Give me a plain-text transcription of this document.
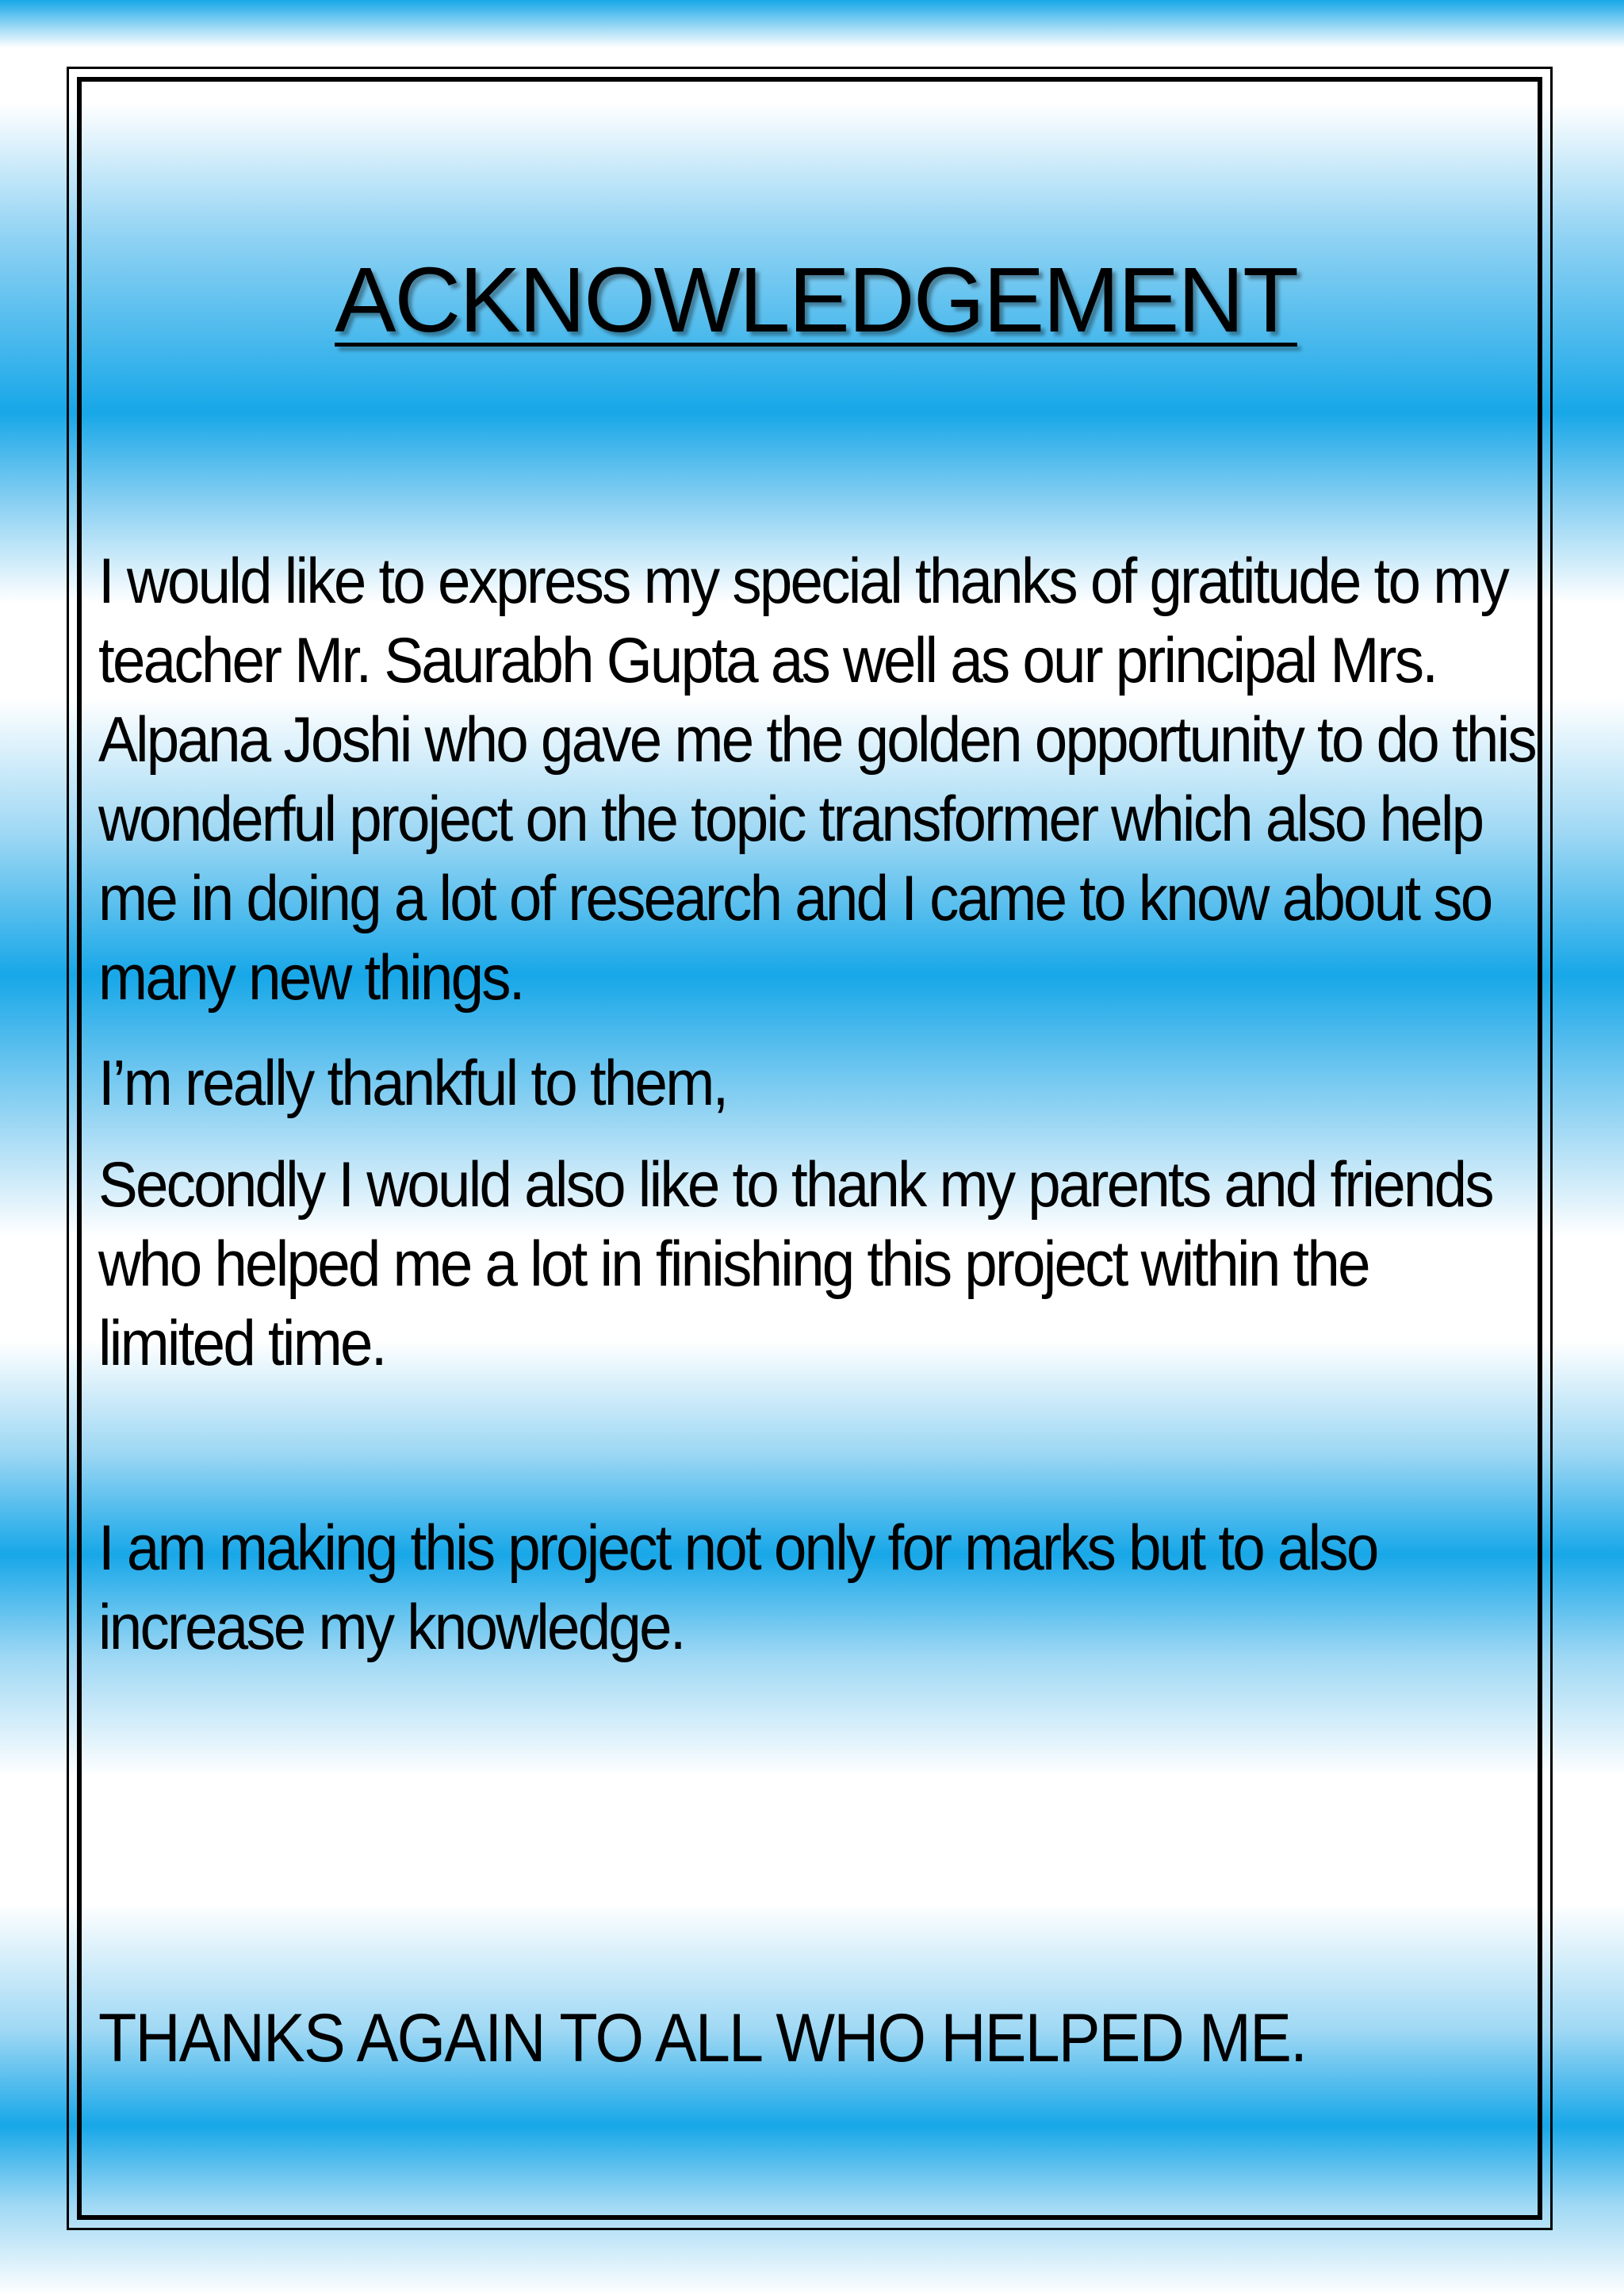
ACKNOWLEDGEMENT

I would like to express my special thanks of gratitude to my
teacher Mr. Saurabh Gupta as well as our principal Mrs.
Alpana Joshi who gave me the golden opportunity to do this
wonderful project on the topic transformer which also help
me in doing a lot of research and I came to know about so
many new things.

I’m really thankful to them,

Secondly I would also like to thank my parents and friends
who helped me a lot in finishing this project within the
limited time.

I am making this project not only for marks but to also
increase my knowledge.

THANKS AGAIN TO ALL WHO HELPED ME.
